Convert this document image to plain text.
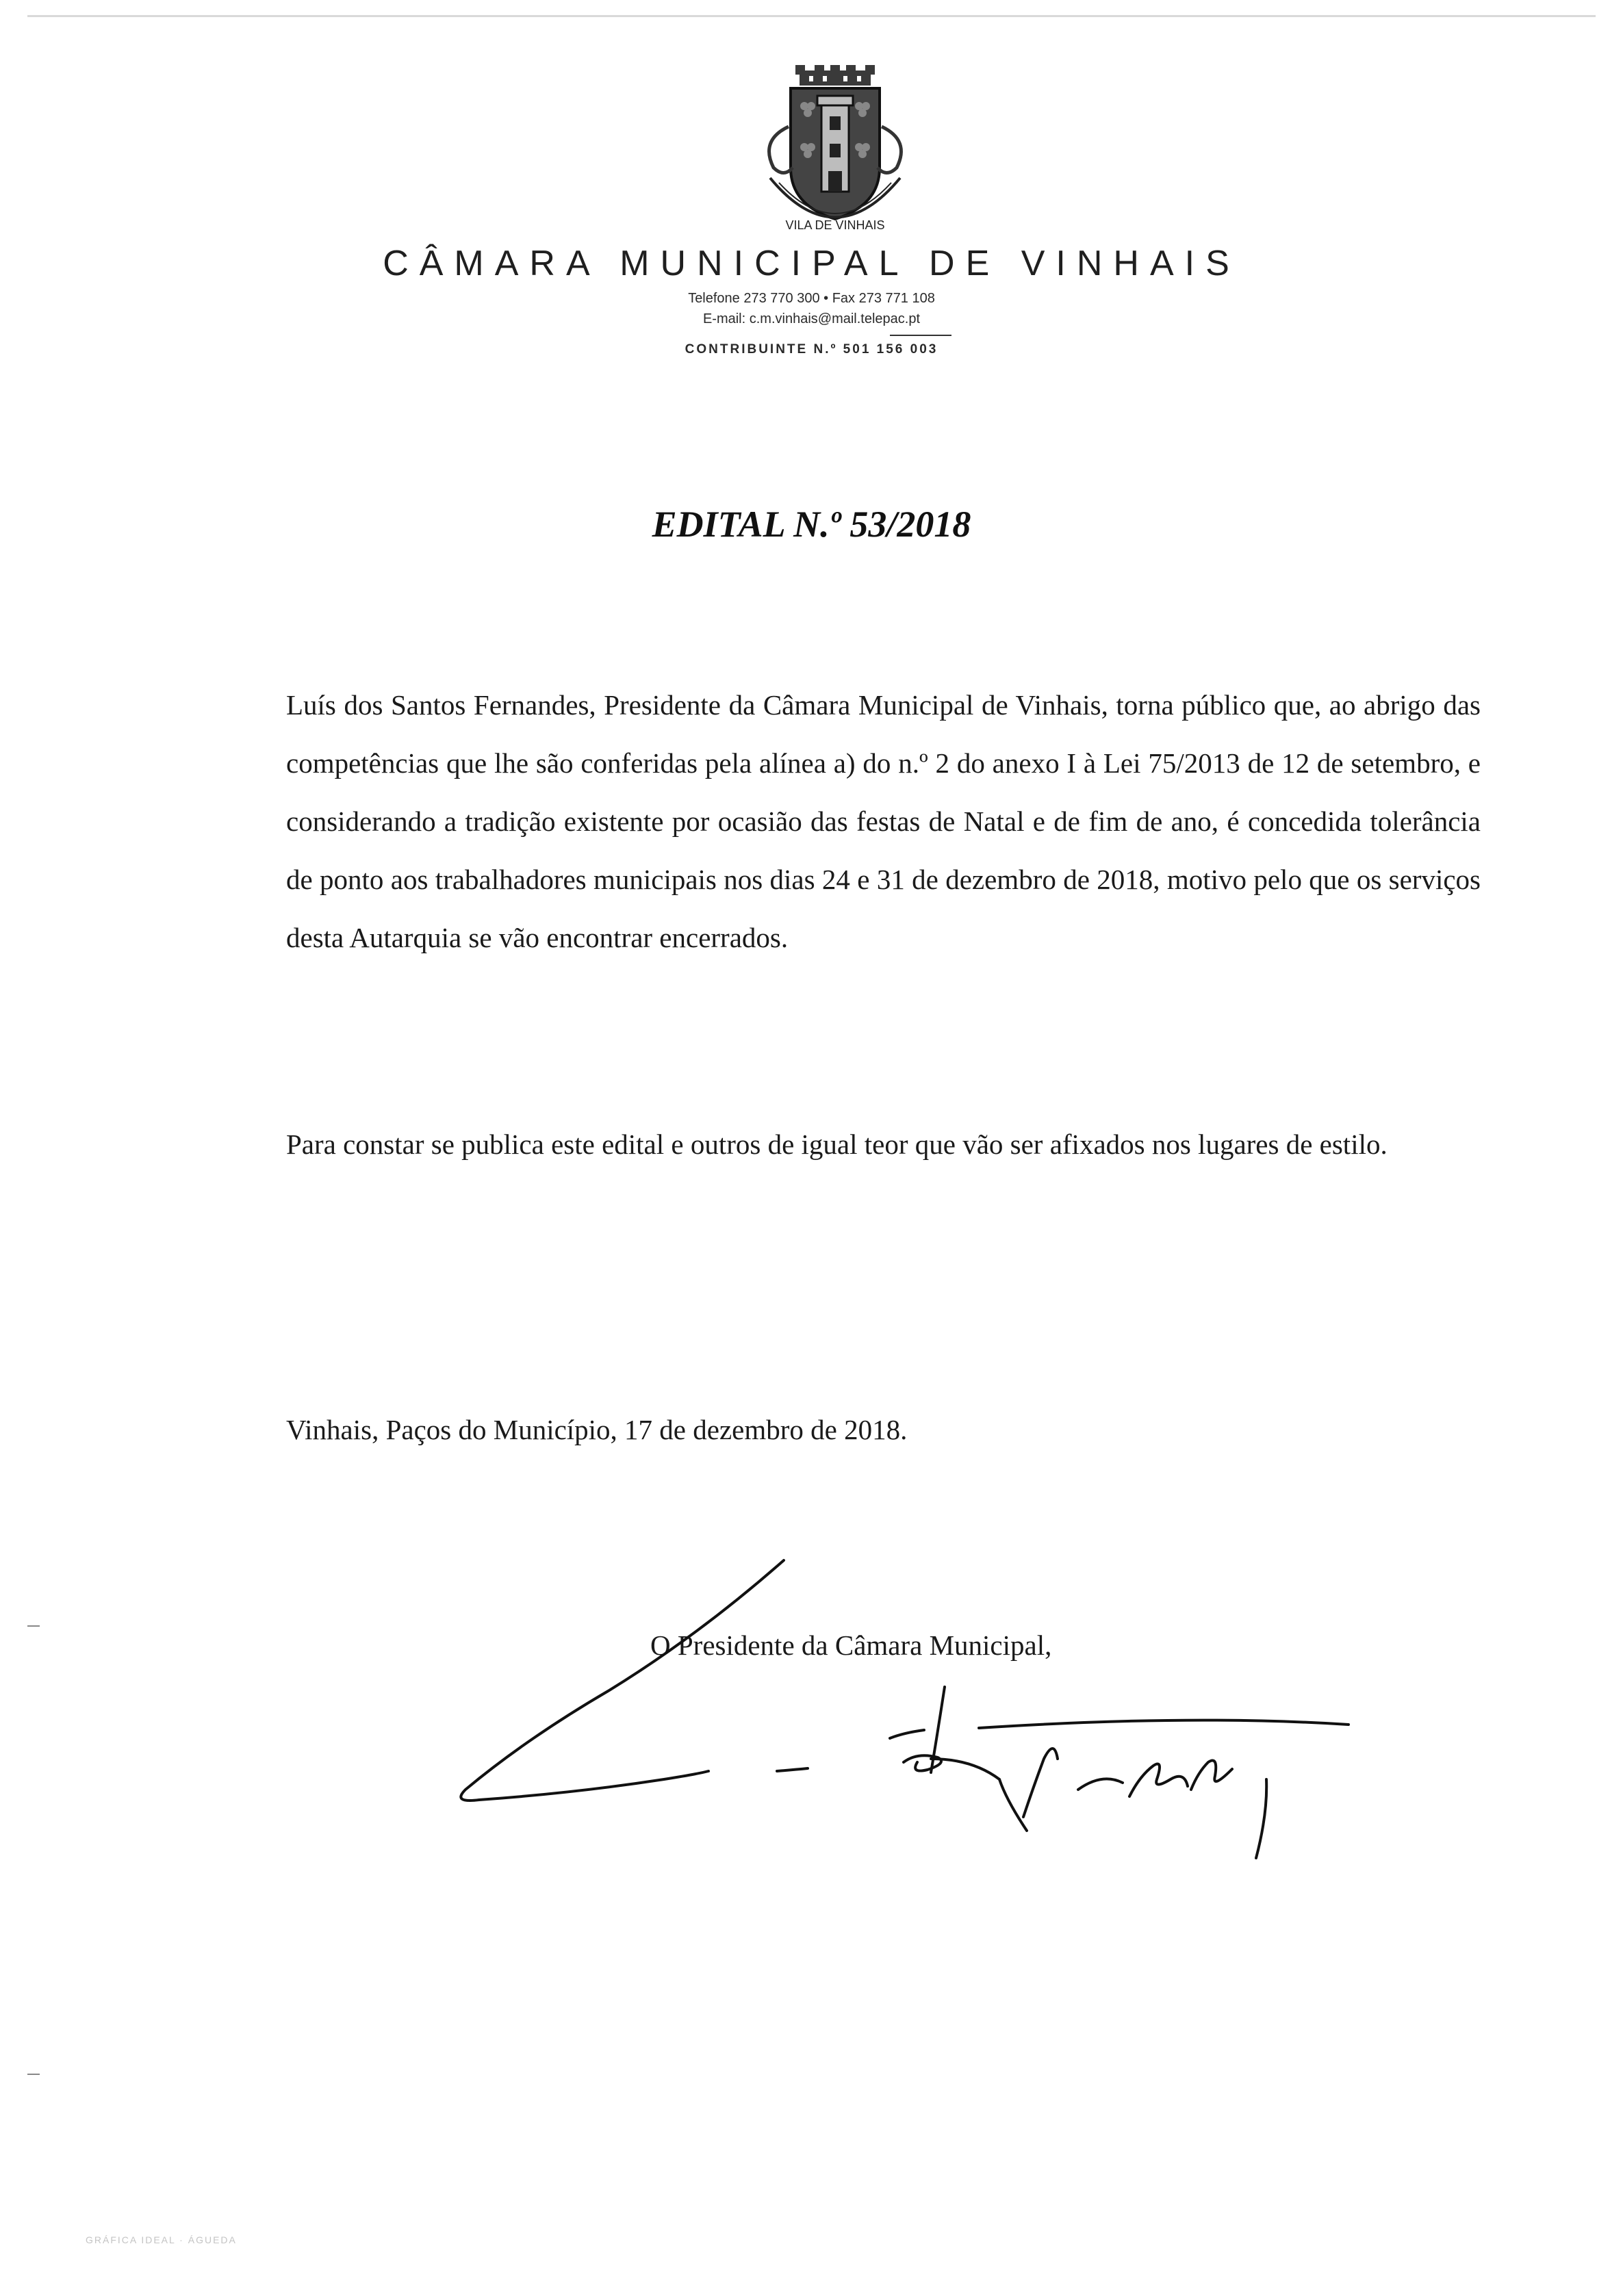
VILA DE VINHAIS
CÂMARA MUNICIPAL DE VINHAIS
Telefone 273 770 300 • Fax 273 771 108
E-mail: c.m.vinhais@mail.telepac.pt
CONTRIBUINTE N.º 501 156 003
EDITAL N.º 53/2018
Luís dos Santos Fernandes, Presidente da Câmara Municipal de Vinhais, torna público que, ao abrigo das competências que lhe são conferidas pela alínea a) do n.º 2 do anexo I à Lei 75/2013 de 12 de setembro, e considerando a tradição existente por ocasião das festas de Natal e de fim de ano, é concedida tolerância de ponto aos trabalhadores municipais nos dias 24 e 31 de dezembro de 2018, motivo pelo que os serviços desta Autarquia se vão encontrar encerrados.
Para constar se publica este edital e outros de igual teor que vão ser afixados nos lugares de estilo.
Vinhais, Paços do Município, 17 de dezembro de 2018.
O Presidente da Câmara Municipal,
GRÁFICA IDEAL · ÁGUEDA
